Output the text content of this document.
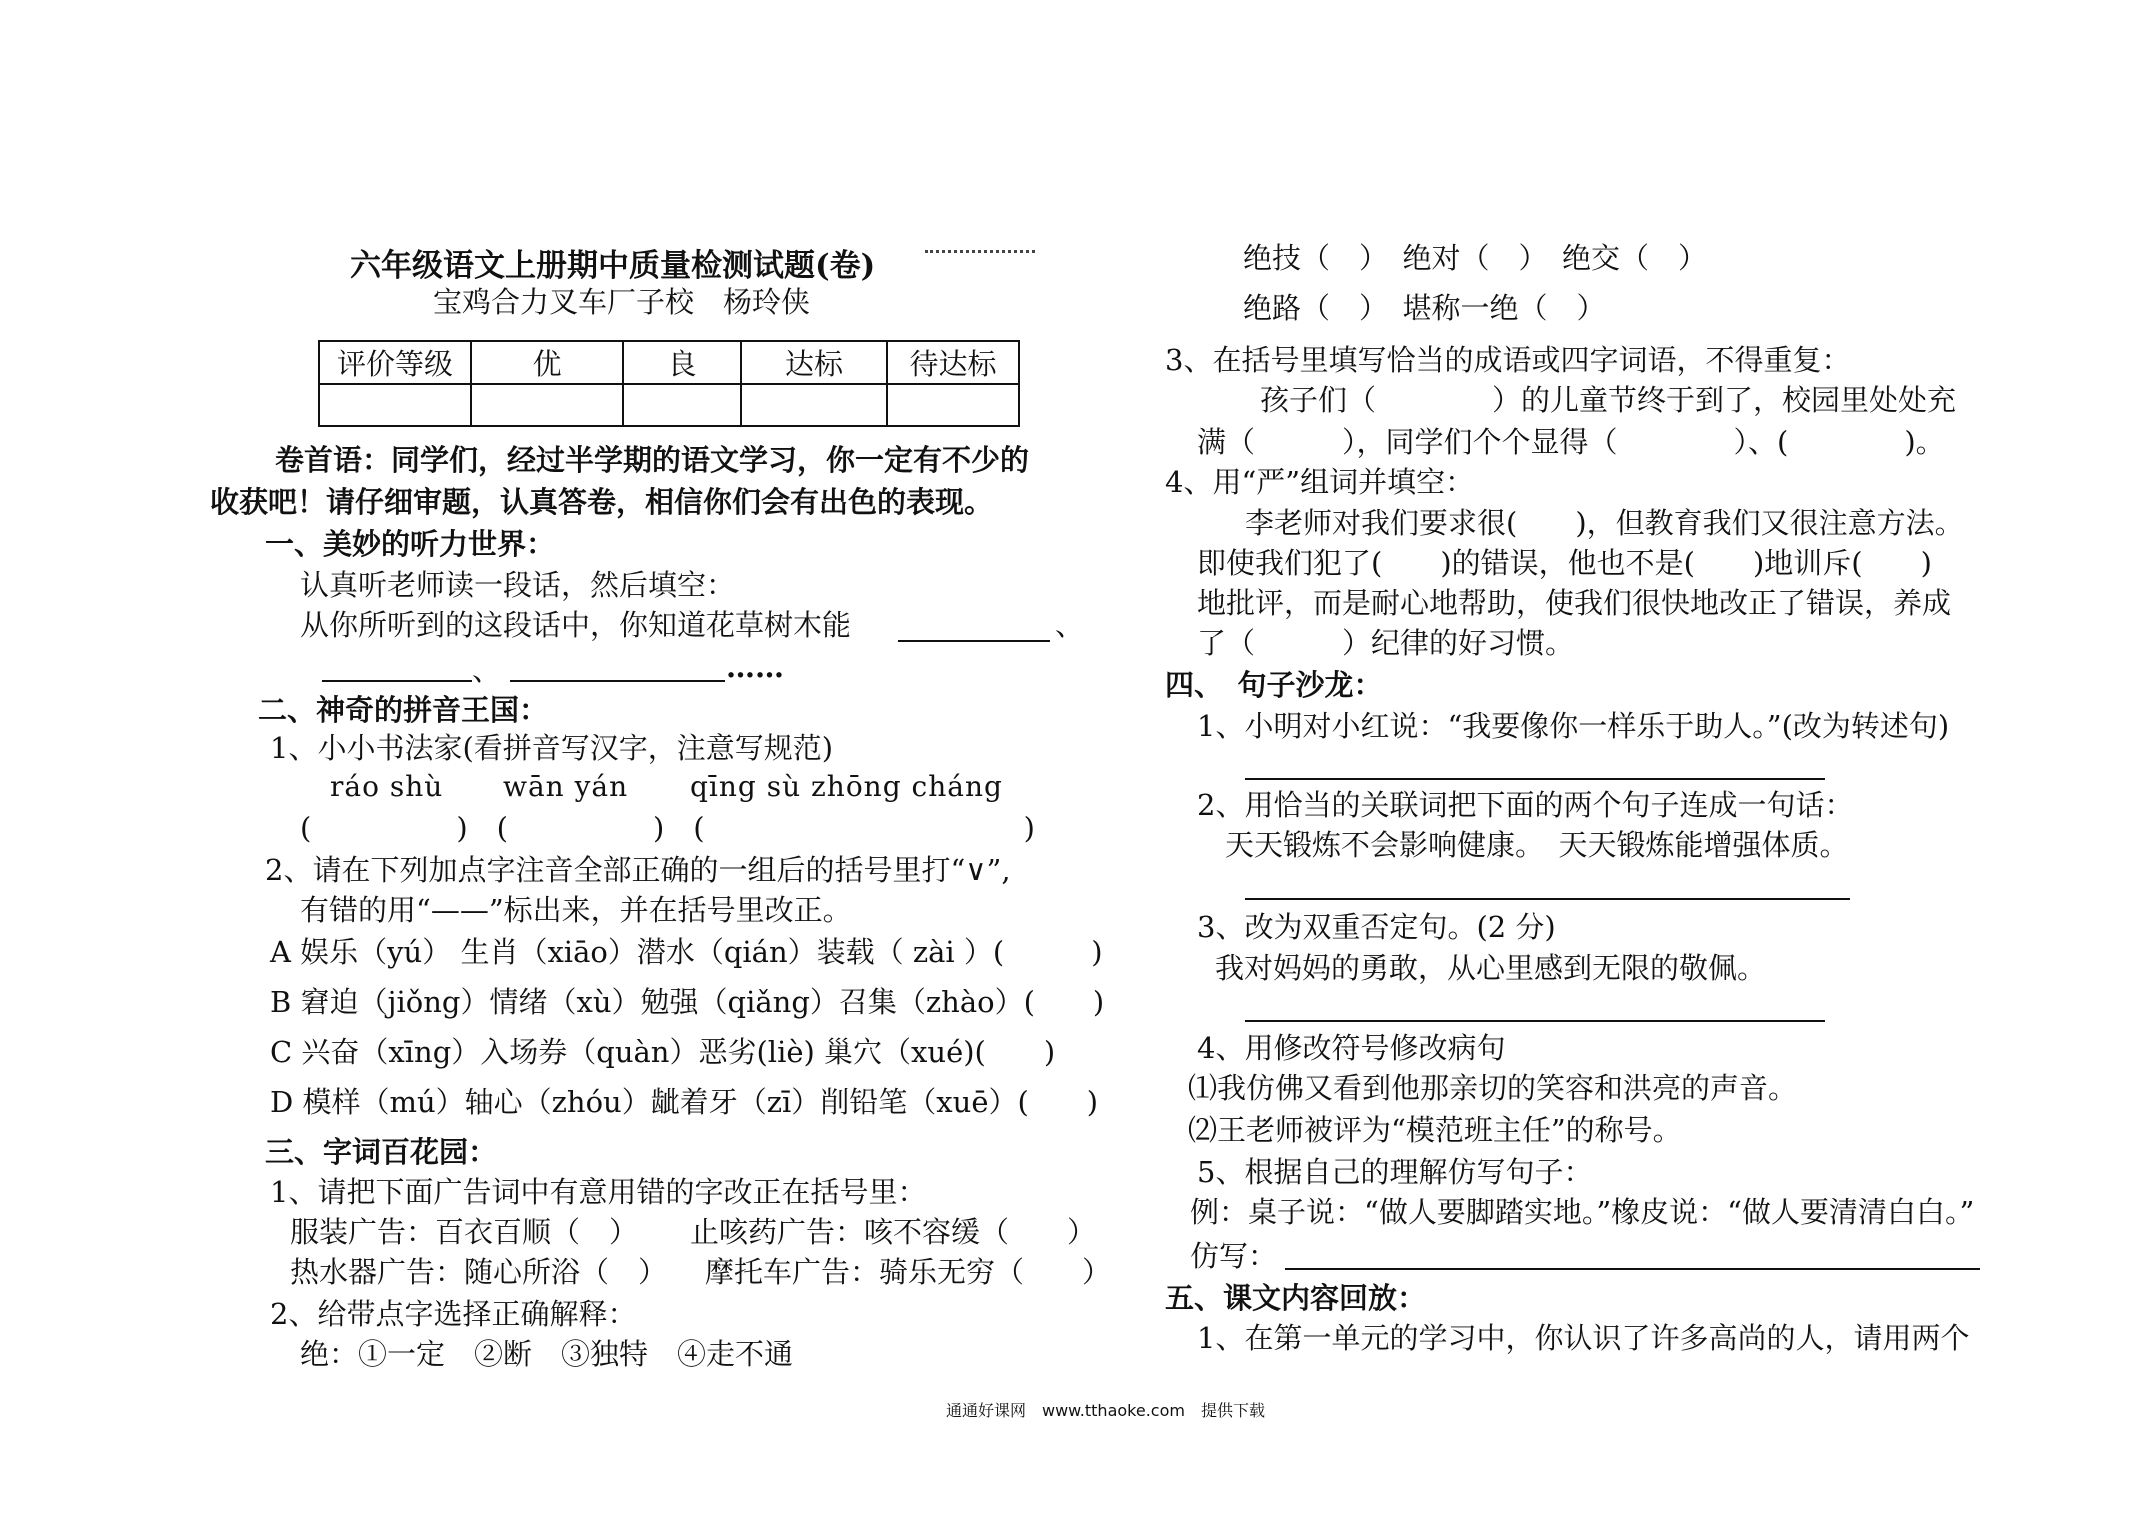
六年级语文上册期中质量检测试题(卷)
宝鸡合力叉车厂子校　杨玲侠
评价等级	优	良	达标	待达标

卷首语：同学们，经过半学期的语文学习，你一定有不少的
收获吧！请仔细审题，认真答卷，相信你们会有出色的表现。
一、美妙的听力世界：
认真听老师读一段话，然后填空：
从你所听到的这段话中，你知道花草树木能	、
、	……
二、神奇的拼音王国：
1、小小书法家(看拼音写汉字，注意写规范)
ráo shù wān yán qīng sù zhōng cháng
(　　　　　)　(　　　　　)　(　　　　　　　　　　　)
2、请在下列加点字注音全部正确的一组后的括号里打“∨”,
有错的用“——”标出来，并在括号里改正。
A 娱乐（yú） 生肖（xiāo）潜水（qián）装载（ zài ）(　　　)
B 窘迫（jiǒng）情绪（xù）勉强（qiǎng）召集（zhào）(　　)
C 兴奋（xīng）入场券（quàn）恶劣(liè) 巢穴（xué)(　　)
D 模样（mú）轴心（zhóu）龇着牙（zī）削铅笔（xuē）(　　)
三、字词百花园：
1、请把下面广告词中有意用错的字改正在括号里：
服装广告：百衣百顺（　） 止咳药广告：咳不容缓（　　）
热水器广告：随心所浴（　） 摩托车广告：骑乐无穷（　　）
2、给带点字选择正确解释：
绝：①一定　②断　③独特　④走不通
绝技（　）　绝对（　）　绝交（　）
绝路（　）　堪称一绝（　）
3、在括号里填写恰当的成语或四字词语，不得重复：
孩子们（　　　　）的儿童节终于到了，校园里处处充
满（　　　），同学们个个显得（　　　　）、(　　　　)。
4、用“严”组词并填空：
李老师对我们要求很(　　)，但教育我们又很注意方法。
即使我们犯了(　　)的错误，他也不是(　　)地训斥(　　)
地批评，而是耐心地帮助，使我们很快地改正了错误，养成
了（　　　）纪律的好习惯。
四、　句子沙龙：
1、小明对小红说：“我要像你一样乐于助人。”(改为转述句)
2、用恰当的关联词把下面的两个句子连成一句话：
天天锻炼不会影响健康。　天天锻炼能增强体质。
3、改为双重否定句。(2 分)
我对妈妈的勇敢，从心里感到无限的敬佩。
4、用修改符号修改病句
⑴我仿佛又看到他那亲切的笑容和洪亮的声音。
⑵王老师被评为“模范班主任”的称号。
5、根据自己的理解仿写句子：
例：桌子说：“做人要脚踏实地。”橡皮说：“做人要清清白白。”
仿写：
五、课文内容回放：
1、在第一单元的学习中，你认识了许多高尚的人，请用两个
通通好课网　www.tthaoke.com　提供下载
